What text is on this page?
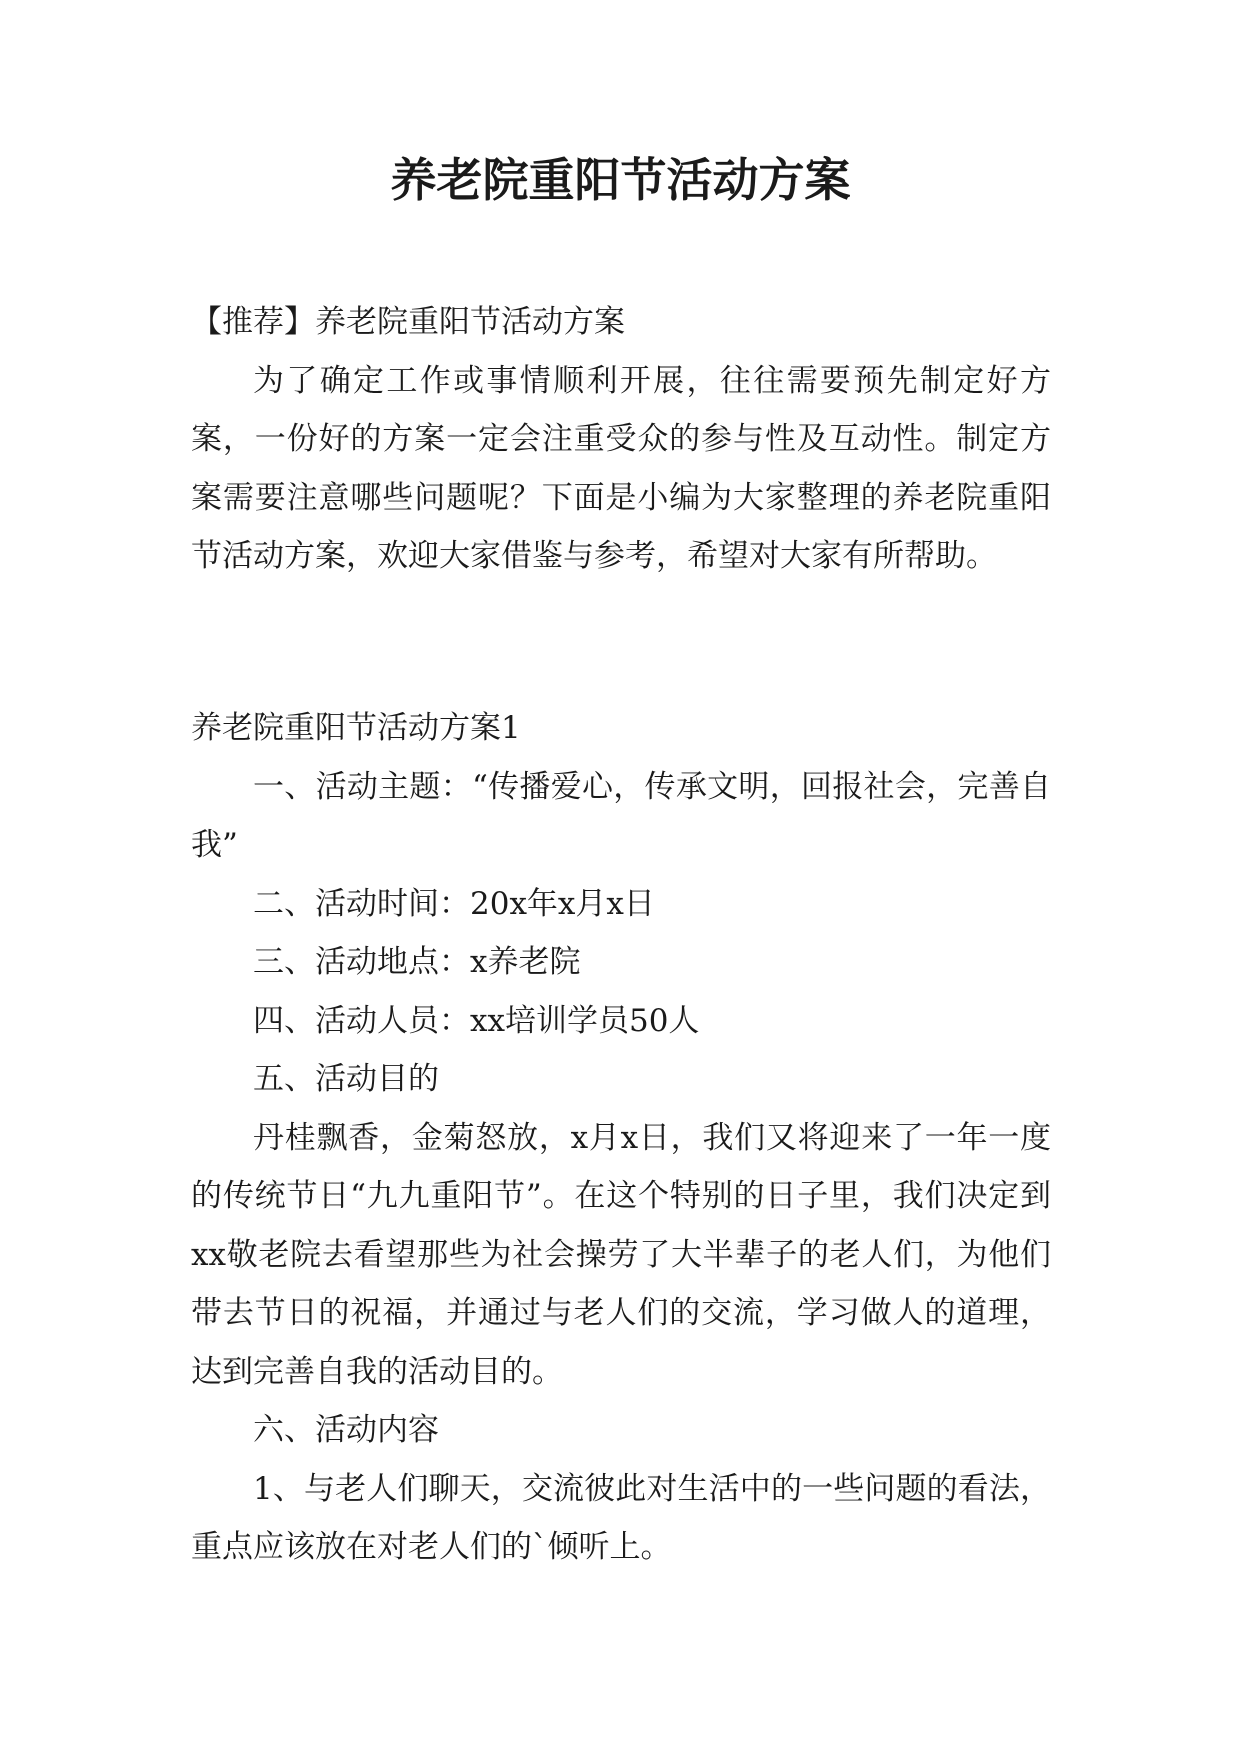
养老院重阳节活动方案

【推荐】养老院重阳节活动方案

为了确定工作或事情顺利开展，往往需要预先制定好方案，一份好的方案一定会注重受众的参与性及互动性。制定方案需要注意哪些问题呢？下面是小编为大家整理的养老院重阳节活动方案，欢迎大家借鉴与参考，希望对大家有所帮助。

养老院重阳节活动方案1

一、活动主题：“传播爱心，传承文明，回报社会，完善自我”

二、活动时间：20x年x月x日

三、活动地点：x养老院

四、活动人员：xx培训学员50人

五、活动目的

丹桂飘香，金菊怒放，x月x日，我们又将迎来了一年一度的传统节日“九九重阳节”。在这个特别的日子里，我们决定到xx敬老院去看望那些为社会操劳了大半辈子的老人们，为他们带去节日的祝福，并通过与老人们的交流，学习做人的道理，达到完善自我的活动目的。

六、活动内容

1、与老人们聊天，交流彼此对生活中的一些问题的看法，重点应该放在对老人们的`倾听上。
